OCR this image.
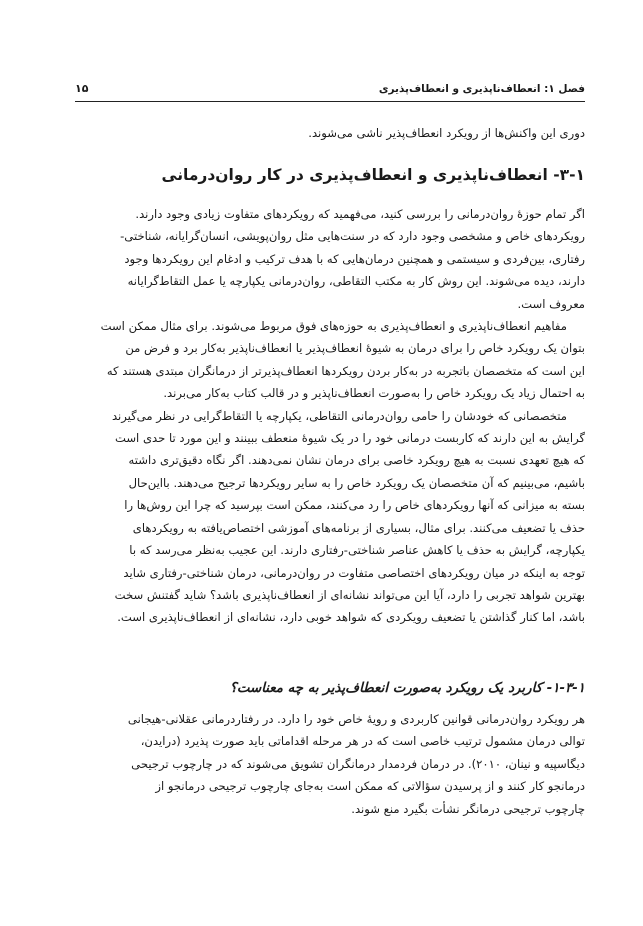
فصل ۱: انعطاف‌ناپذیری و انعطاف‌پذیری
۱۵
دوری این واکنش‌ها از رویکرد انعطاف‌پذیر ناشی می‌شوند.
۳-۱- انعطاف‌ناپذیری و انعطاف‌پذیری در کار روان‌درمانی
اگر تمام حوزهٔ روان‌درمانی را بررسی کنید، می‌فهمید که رویکردهای متفاوت زیادی وجود دارند.
رویکردهای خاص و مشخصی وجود دارد که در سنت‌هایی مثل روان‌پویشی، انسان‌گرایانه، شناختی-
رفتاری، بین‌فردی و سیستمی و همچنین درمان‌هایی که با هدف ترکیب و ادغام این رویکردها وجود
دارند، دیده می‌شوند. این روش کار به مکتب التقاطی، روان‌درمانی یکپارچه یا عمل التقاط‌گرایانه
معروف است.
مفاهیم انعطاف‌ناپذیری و انعطاف‌پذیری به حوزه‌های فوق مربوط می‌شوند. برای مثال ممکن است
بتوان یک رویکرد خاص را برای درمان به شیوهٔ انعطاف‌پذیر یا انعطاف‌ناپذیر به‌کار برد و فرض من
این است که متخصصان باتجربه در به‌کار بردن رویکردها انعطاف‌پذیرتر از درمانگران مبتدی هستند که
به احتمال زیاد یک رویکرد خاص را به‌صورت انعطاف‌ناپذیر و در قالب کتاب به‌کار می‌برند.
متخصصانی که خودشان را حامی روان‌درمانی التقاطی، یکپارچه یا التقاط‌گرایی در نظر می‌گیرند
گرایش به این دارند که کاربست درمانی خود را در یک شیوهٔ منعطف ببینند و این مورد تا حدی است
که هیچ تعهدی نسبت به هیچ رویکرد خاصی برای درمان نشان نمی‌دهند. اگر نگاه دقیق‌تری داشته
باشیم، می‌بینیم که آن متخصصان یک رویکرد خاص را به سایر رویکردها ترجیح می‌دهند. بااین‌حال
بسته به میزانی که آنها رویکردهای خاص را رد می‌کنند، ممکن است بپرسید که چرا این روش‌ها را
حذف یا تضعیف می‌کنند. برای مثال، بسیاری از برنامه‌های آموزشی اختصاص‌یافته به رویکردهای
یکپارچه، گرایش به حذف یا کاهش عناصر شناختی-رفتاری دارند. این عجیب به‌نظر می‌رسد که با
توجه به اینکه در میان رویکردهای اختصاصی متفاوت در روان‌درمانی، درمان شناختی-رفتاری شاید
بهترین شواهد تجربی را دارد، آیا این می‌تواند نشانه‌ای از انعطاف‌ناپذیری باشد؟ شاید گفتنش سخت
باشد، اما کنار گذاشتن یا تضعیف رویکردی که شواهد خوبی دارد، نشانه‌ای از انعطاف‌ناپذیری است.
۱-۳-۱- کاربرد یک رویکرد به‌صورت انعطاف‌پذیر به چه معناست؟
هر رویکرد روان‌درمانی قوانین کاربردی و رویهٔ خاص خود را دارد. در رفتاردرمانی عقلانی-هیجانی
توالی درمان مشمول ترتیب خاصی است که در هر مرحله اقداماتی باید صورت پذیرد (درایدن،
دیگاسپیه و نینان، ۲۰۱۰). در درمان فردمدار درمانگران تشویق می‌شوند که در چارچوب ترجیحی
درمانجو کار کنند و از پرسیدن سؤالاتی که ممکن است به‌جای چارچوب ترجیحی درمانجو از
چارچوب ترجیحی درمانگر نشأت بگیرد منع شوند.
